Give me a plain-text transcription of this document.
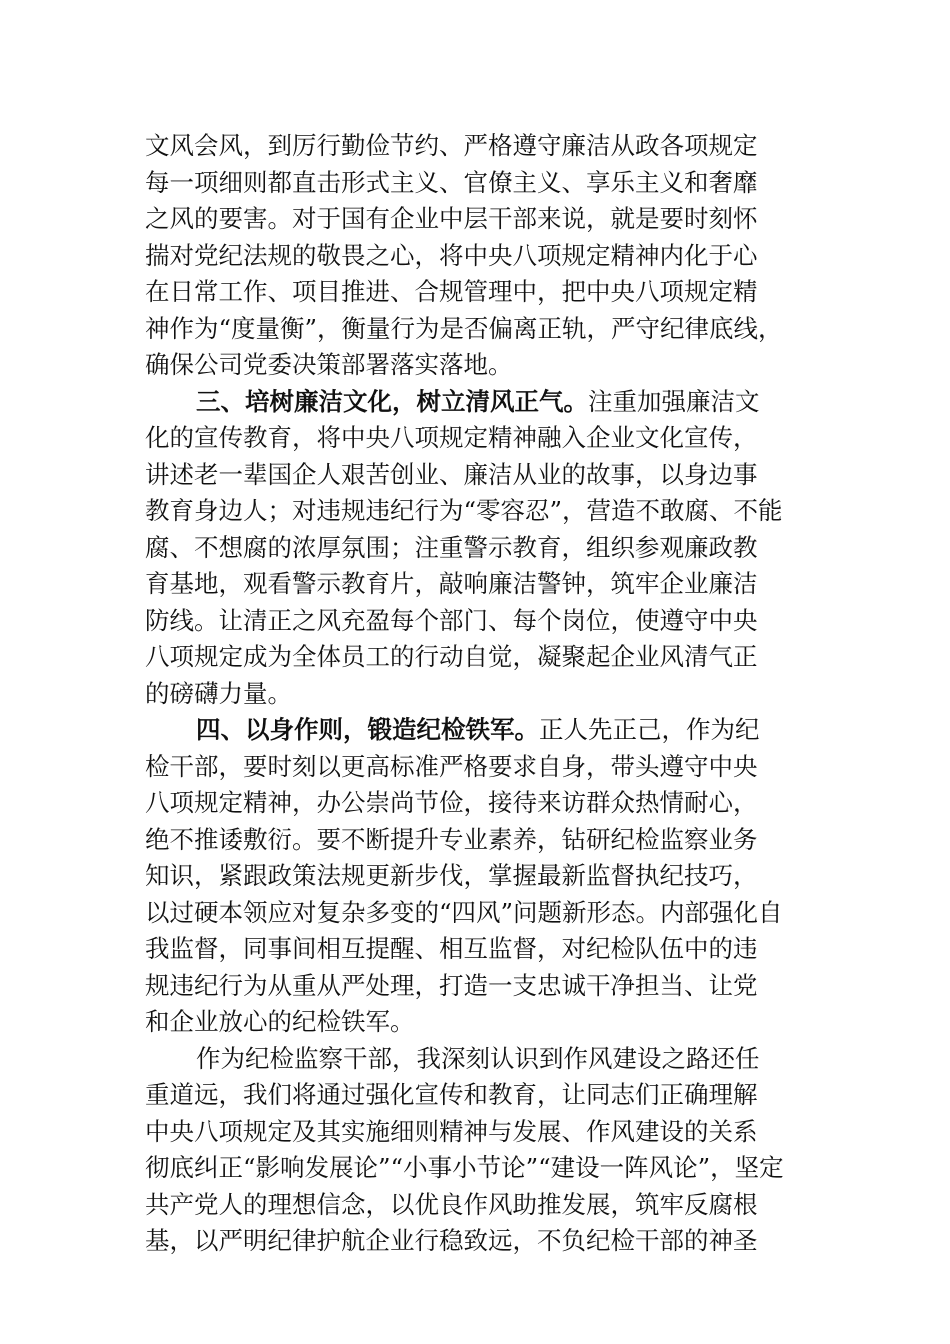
文风会风，到厉行勤俭节约、严格遵守廉洁从政各项规定
每一项细则都直击形式主义、官僚主义、享乐主义和奢靡
之风的要害。对于国有企业中层干部来说，就是要时刻怀
揣对党纪法规的敬畏之心，将中央八项规定精神内化于心
在日常工作、项目推进、合规管理中，把中央八项规定精
神作为“度量衡”，衡量行为是否偏离正轨，严守纪律底线，
确保公司党委决策部署落实落地。
三、培树廉洁文化，树立清风正气。注重加强廉洁文
化的宣传教育，将中央八项规定精神融入企业文化宣传，
讲述老一辈国企人艰苦创业、廉洁从业的故事，以身边事
教育身边人；对违规违纪行为“零容忍”，营造不敢腐、不能
腐、不想腐的浓厚氛围；注重警示教育，组织参观廉政教
育基地，观看警示教育片，敲响廉洁警钟，筑牢企业廉洁
防线。让清正之风充盈每个部门、每个岗位，使遵守中央
八项规定成为全体员工的行动自觉，凝聚起企业风清气正
的磅礴力量。
四、以身作则，锻造纪检铁军。正人先正己，作为纪
检干部，要时刻以更高标准严格要求自身，带头遵守中央
八项规定精神，办公崇尚节俭，接待来访群众热情耐心，
绝不推诿敷衍。要不断提升专业素养，钻研纪检监察业务
知识，紧跟政策法规更新步伐，掌握最新监督执纪技巧，
以过硬本领应对复杂多变的“四风”问题新形态。内部强化自
我监督，同事间相互提醒、相互监督，对纪检队伍中的违
规违纪行为从重从严处理，打造一支忠诚干净担当、让党
和企业放心的纪检铁军。
作为纪检监察干部，我深刻认识到作风建设之路还任
重道远，我们将通过强化宣传和教育，让同志们正确理解
中央八项规定及其实施细则精神与发展、作风建设的关系
彻底纠正“影响发展论”“小事小节论”“建设一阵风论”，坚定
共产党人的理想信念，以优良作风助推发展，筑牢反腐根
基，以严明纪律护航企业行稳致远，不负纪检干部的神圣
